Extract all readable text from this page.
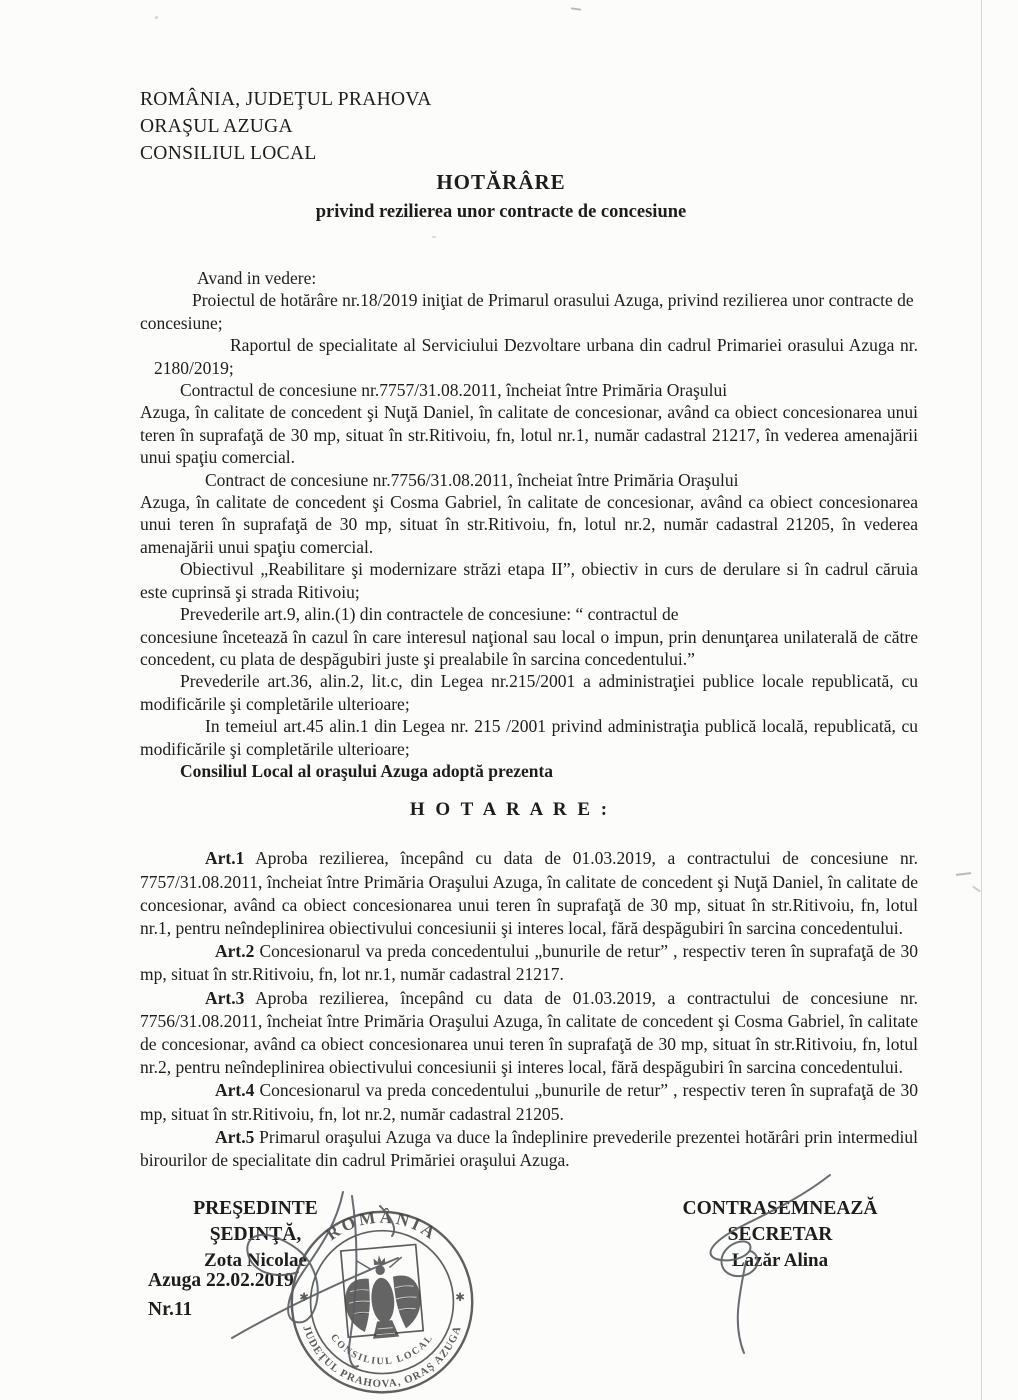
ROMÂNIA, JUDEŢUL PRAHOVA
ORAŞUL AZUGA
CONSILIUL LOCAL
HOTĂRÂRE
privind rezilierea unor contracte de concesiune

Avand in vedere:

Proiectul de hotărâre nr.18/2019 iniţiat de Primarul orasului Azuga, privind rezilierea unor contracte de concesiune;

Raportul de specialitate al Serviciului Dezvoltare urbana din cadrul Primariei orasului Azuga nr. 2180/2019;

Contractul de concesiune nr.7757/31.08.2011, încheiat între Primăria Oraşului

Azuga, în calitate de concedent şi Nuţă Daniel, în calitate de concesionar, având ca obiect concesionarea unui teren în suprafaţă de 30 mp, situat în str.Ritivoiu, fn, lotul nr.1, număr cadastral 21217, în vederea amenajării unui spaţiu comercial.

Contract de concesiune nr.7756/31.08.2011, încheiat între Primăria Oraşului

Azuga, în calitate de concedent şi Cosma Gabriel, în calitate de concesionar, având ca obiect concesionarea unui teren în suprafaţă de 30 mp, situat în str.Ritivoiu, fn, lotul nr.2, număr cadastral 21205, în vederea amenajării unui spaţiu comercial.

Obiectivul „Reabilitare şi modernizare străzi etapa II”, obiectiv in curs de derulare si în cadrul căruia este cuprinsă şi strada Ritivoiu;

Prevederile art.9, alin.(1) din contractele de concesiune: “ contractul de

concesiune încetează în cazul în care interesul naţional sau local o impun, prin denunţarea unilaterală de către concedent, cu plata de despăgubiri juste şi prealabile în sarcina concedentului.”

Prevederile art.36, alin.2, lit.c, din Legea nr.215/2001 a administraţiei publice locale republicată, cu modificările şi completările ulterioare;

In temeiul art.45 alin.1 din Legea nr. 215 /2001 privind administraţia publică locală, republicată, cu modificările şi completările ulterioare;

Consiliul Local al oraşului Azuga adoptă prezenta

H O T A R A R E :

Art.1 Aproba rezilierea, începând cu data de 01.03.2019, a contractului de concesiune nr. 7757/31.08.2011, încheiat între Primăria Oraşului Azuga, în calitate de concedent şi Nuţă Daniel, în calitate de concesionar, având ca obiect concesionarea unui teren în suprafaţă de 30 mp, situat în str.Ritivoiu, fn, lotul nr.1, pentru neîndeplinirea obiectivului concesiunii şi interes local, fără despăgubiri în sarcina concedentului.

Art.2 Concesionarul va preda concedentului „bunurile de retur” , respectiv teren în suprafaţă de 30 mp, situat în str.Ritivoiu, fn, lot nr.1, număr cadastral 21217.

Art.3 Aproba rezilierea, începând cu data de 01.03.2019, a contractului de concesiune nr. 7756/31.08.2011, încheiat între Primăria Oraşului Azuga, în calitate de concedent şi Cosma Gabriel, în calitate de concesionar, având ca obiect concesionarea unui teren în suprafaţă de 30 mp, situat în str.Ritivoiu, fn, lotul nr.2, pentru neîndeplinirea obiectivului concesiunii şi interes local, fără despăgubiri în sarcina concedentului.

Art.4 Concesionarul va preda concedentului „bunurile de retur” , respectiv teren în suprafaţă de 30 mp, situat în str.Ritivoiu, fn, lot nr.2, număr cadastral 21205.

Art.5 Primarul oraşului Azuga va duce la îndeplinire prevederile prezentei hotărâri prin intermediul birourilor de specialitate din cadrul Primăriei oraşului Azuga.

PREŞEDINTE ŞEDINŢĂ,
Zota Nicolae
CONTRASEMNEAZĂ SECRETAR
Lazăr Alina
Azuga 22.02.2019
Nr.11
ROMÂNIA
JUDEŢUL PRAHOVA, ORAŞ AZUGA
CONSILIUL LOCAL
✱	✱
